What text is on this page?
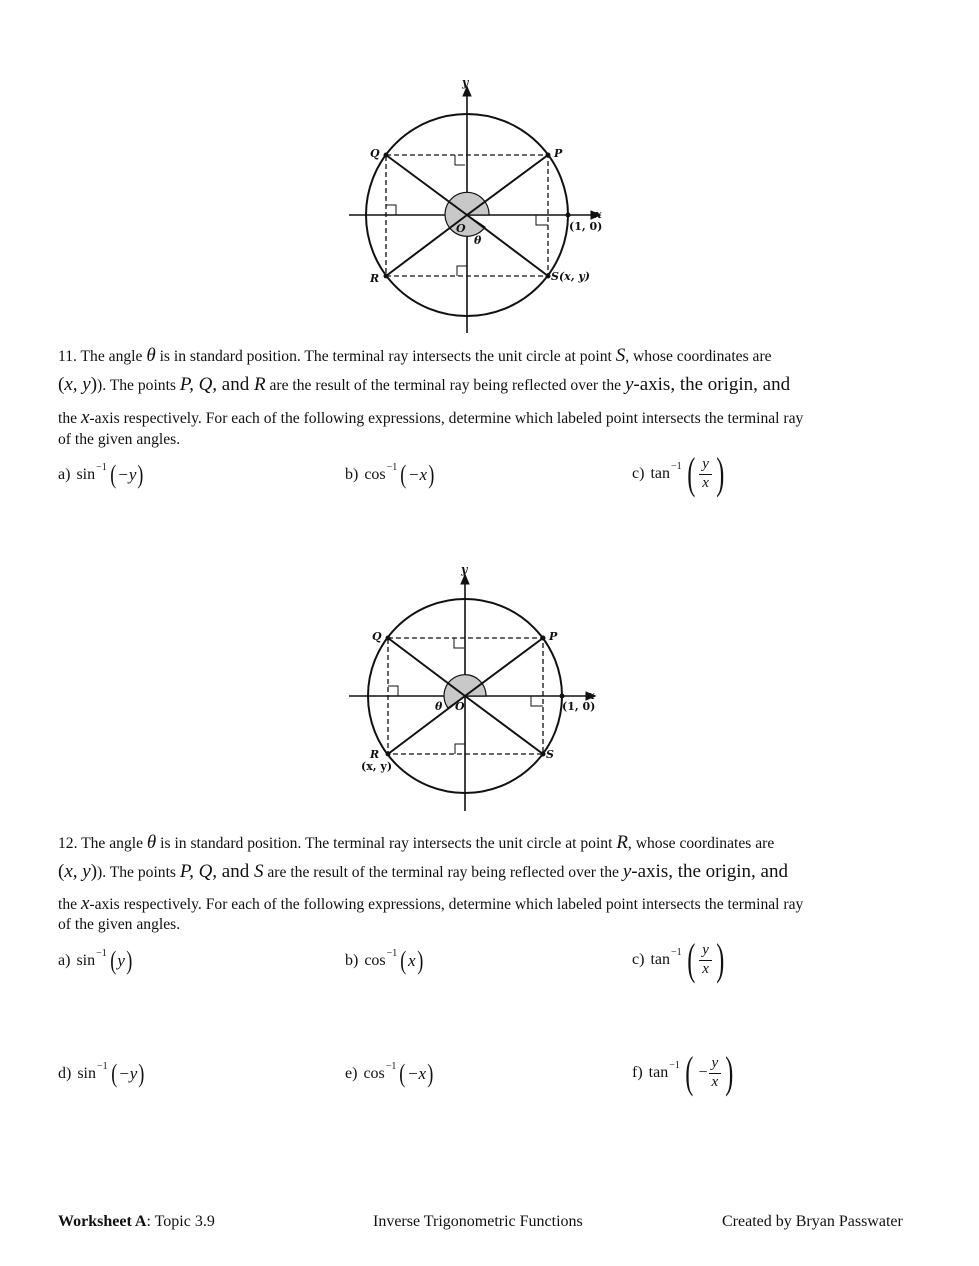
y
x
P
Q
R	S(x, y)
O
θ
(1, 0)
11. The angle θ is in standard position. The terminal ray intersects the unit circle at point S, whose coordinates are
(x, y)). The points P, Q, and R are the result of the terminal ray being reflected over the y-axis, the origin, and
the x-axis respectively. For each of the following expressions, determine which labeled point intersects the terminal ray
of the given angles.
a) sin −1 ( −y )	b) cos −1 ( −x )	c) tan −1 ( $\frac{y}{x}$ )
y
x
P
Q
R
(x, y)
S
O
θ	(1, 0)
12. The angle θ is in standard position. The terminal ray intersects the unit circle at point R, whose coordinates are
(x, y)). The points P, Q, and S are the result of the terminal ray being reflected over the y-axis, the origin, and
the x-axis respectively. For each of the following expressions, determine which labeled point intersects the terminal ray
of the given angles.
a) sin −1 ( y )	b) cos −1 ( x )	c) tan −1 ( $\frac{y}{x}$ )
d) sin −1 ( −y )	e) cos −1 ( −x )	f) tan −1 ( − $\frac{y}{x}$ )
Worksheet A: Topic 3.9	Inverse Trigonometric Functions	Created by Bryan Passwater
